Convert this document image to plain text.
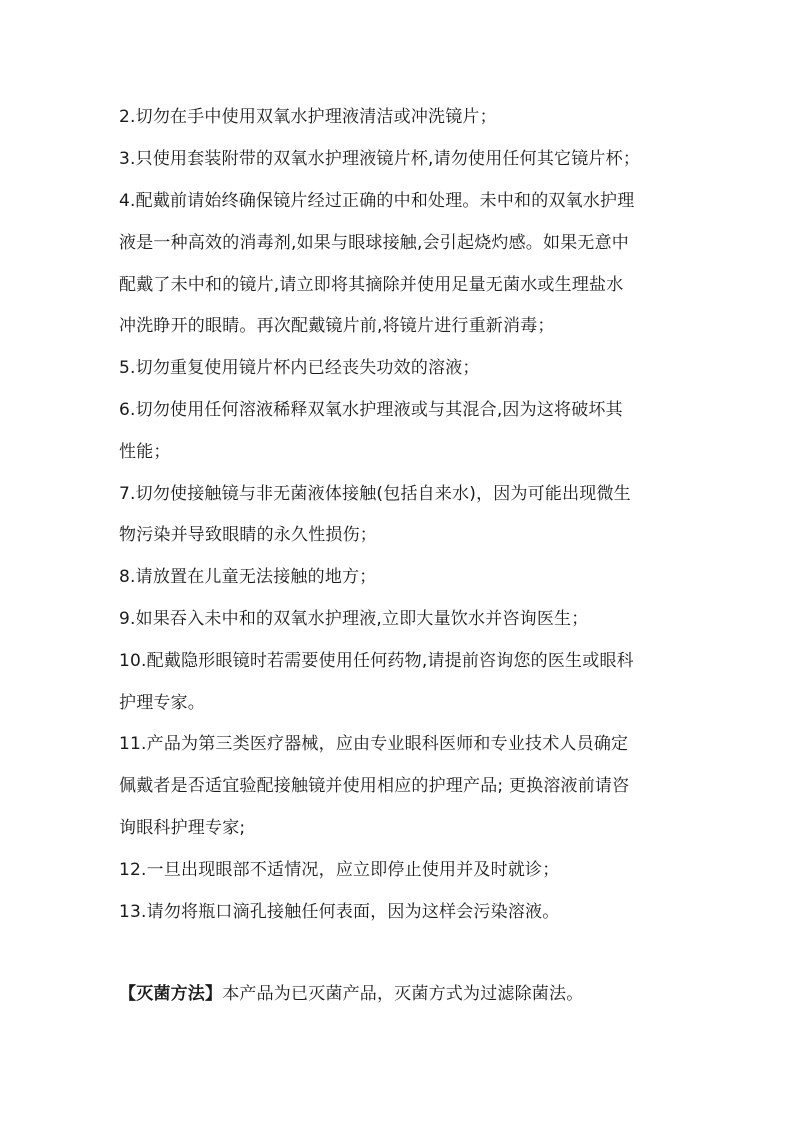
2.切勿在手中使用双氧水护理液清洁或冲洗镜片；
3.只使用套装附带的双氧水护理液镜片杯,请勿使用任何其它镜片杯；
4.配戴前请始终确保镜片经过正确的中和处理。未中和的双氧水护理
液是一种高效的消毒剂,如果与眼球接触,会引起烧灼感。如果无意中
配戴了未中和的镜片,请立即将其摘除并使用足量无菌水或生理盐水
冲洗睁开的眼睛。再次配戴镜片前,将镜片进行重新消毒；
5.切勿重复使用镜片杯内已经丧失功效的溶液；
6.切勿使用任何溶液稀释双氧水护理液或与其混合,因为这将破坏其
性能；
7.切勿使接触镜与非无菌液体接触(包括自来水)，因为可能出现微生
物污染并导致眼睛的永久性损伤；
8.请放置在儿童无法接触的地方；
9.如果吞入未中和的双氧水护理液,立即大量饮水并咨询医生；
10.配戴隐形眼镜时若需要使用任何药物,请提前咨询您的医生或眼科
护理专家。
11.产品为第三类医疗器械，应由专业眼科医师和专业技术人员确定
佩戴者是否适宜验配接触镜并使用相应的护理产品; 更换溶液前请咨
询眼科护理专家;
12.一旦出现眼部不适情况，应立即停止使用并及时就诊；
13.请勿将瓶口滴孔接触任何表面，因为这样会污染溶液。
【灭菌方法】本产品为已灭菌产品，灭菌方式为过滤除菌法。
